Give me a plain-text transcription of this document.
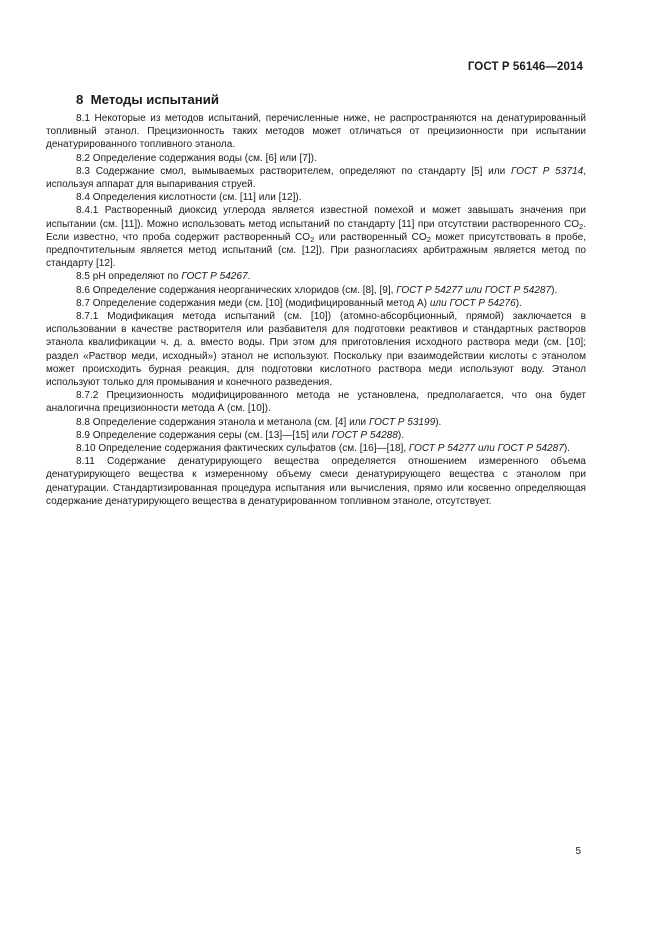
ГОСТ Р 56146—2014
8 Методы испытаний

8.1 Некоторые из методов испытаний, перечисленные ниже, не распространяются на денатурированный топливный этанол. Прецизионность таких методов может отличаться от прецизионности при испытании денатурированного топливного этанола.

8.2 Определение содержания воды (см. [6] или [7]).

8.3 Содержание смол, вымываемых растворителем, определяют по стандарту [5] или ГОСТ Р 53714, используя аппарат для выпаривания струей.

8.4 Определения кислотности (см. [11] или [12]).

8.4.1 Растворенный диоксид углерода является известной помехой и может завышать значения при испытании (см. [11]). Можно использовать метод испытаний по стандарту [11] при отсутствии растворенного $CO_2$. Если известно, что проба содержит растворенный $CO_2$ или растворенный $CO_2$ может присутствовать в пробе, предпочтительным является метод испытаний (см. [12]). При разногласиях арбитражным является метод по стандарту [12].

8.5 pH определяют по ГОСТ Р 54267.

8.6 Определение содержания неорганических хлоридов (см. [8], [9], ГОСТ Р 54277 или ГОСТ Р 54287).

8.7 Определение содержания меди (см. [10] (модифицированный метод А) или ГОСТ Р 54276).

8.7.1 Модификация метода испытаний (см. [10]) (атомно-абсорбционный, прямой) заключается в использовании в качестве растворителя или разбавителя для подготовки реактивов и стандартных растворов этанола квалификации ч. д. а. вместо воды. При этом для приготовления исходного раствора меди (см. [10]; раздел «Раствор меди, исходный») этанол не используют. Поскольку при взаимодействии кислоты с этанолом может происходить бурная реакция, для подготовки кислотного раствора меди используют воду. Этанол используют только для промывания и конечного разведения.

8.7.2 Прецизионность модифицированного метода не установлена, предполагается, что она будет аналогична прецизионности метода А (см. [10]).

8.8 Определение содержания этанола и метанола (см. [4] или ГОСТ Р 53199).

8.9 Определение содержания серы (см. [13]—[15] или ГОСТ Р 54288).

8.10 Определение содержания фактических сульфатов (см. [16]—[18], ГОСТ Р 54277 или ГОСТ Р 54287).

8.11 Содержание денатурирующего вещества определяется отношением измеренного объема денатурирующего вещества к измеренному объему смеси денатурирующего вещества с этанолом при денатурации. Стандартизированная процедура испытания или вычисления, прямо или косвенно определяющая содержание денатурирующего вещества в денатурированном топливном этаноле, отсутствует.

5
